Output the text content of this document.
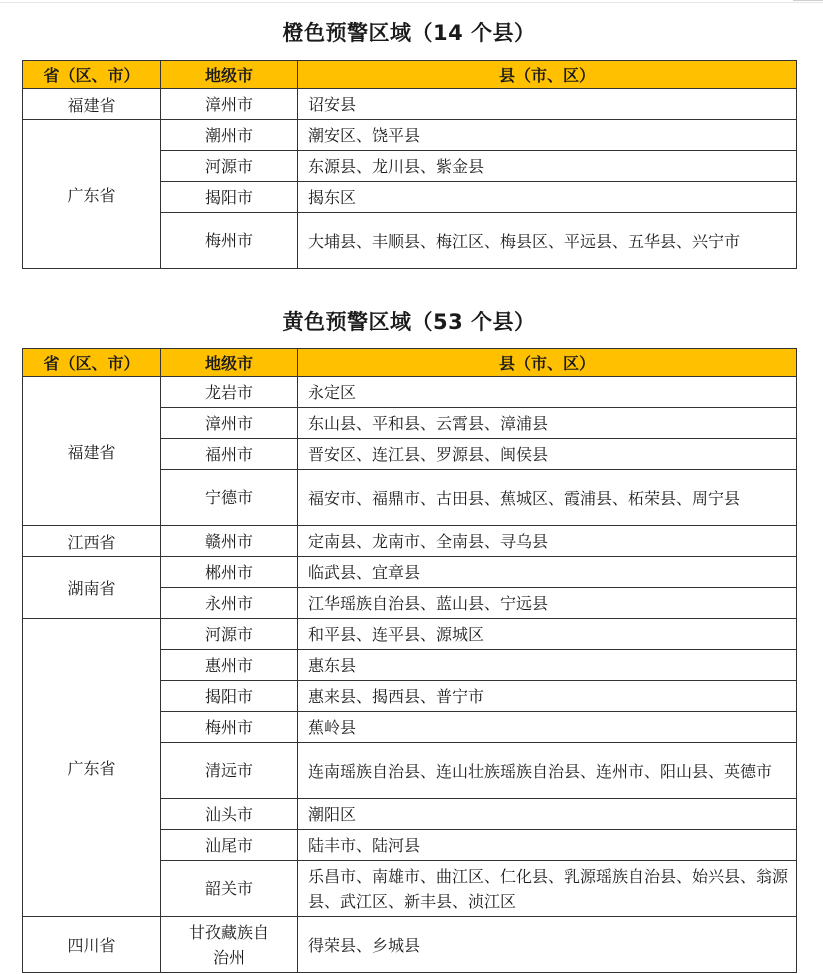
橙色预警区域（14 个县）
省（区、市）	地级市	县（市、区）
福建省	漳州市	诏安县
广东省	潮州市	潮安区、饶平县
	河源市	东源县、龙川县、紫金县
	揭阳市	揭东区
	梅州市	大埔县、丰顺县、梅江区、梅县区、平远县、五华县、兴宁市
黄色预警区域（53 个县）
省（区、市）	地级市	县（市、区）
福建省	龙岩市	永定区
	漳州市	东山县、平和县、云霄县、漳浦县
	福州市	晋安区、连江县、罗源县、闽侯县
	宁德市	福安市、福鼎市、古田县、蕉城区、霞浦县、柘荣县、周宁县
江西省	赣州市	定南县、龙南市、全南县、寻乌县
湖南省	郴州市	临武县、宜章县
	永州市	江华瑶族自治县、蓝山县、宁远县
广东省	河源市	和平县、连平县、源城区
	惠州市	惠东县
	揭阳市	惠来县、揭西县、普宁市
	梅州市	蕉岭县
	清远市	连南瑶族自治县、连山壮族瑶族自治县、连州市、阳山县、英德市
	汕头市	潮阳区
	汕尾市	陆丰市、陆河县
	韶关市	乐昌市、南雄市、曲江区、仁化县、乳源瑶族自治县、始兴县、翁源县、武江区、新丰县、浈江区
四川省	甘孜藏族自治州	得荣县、乡城县
